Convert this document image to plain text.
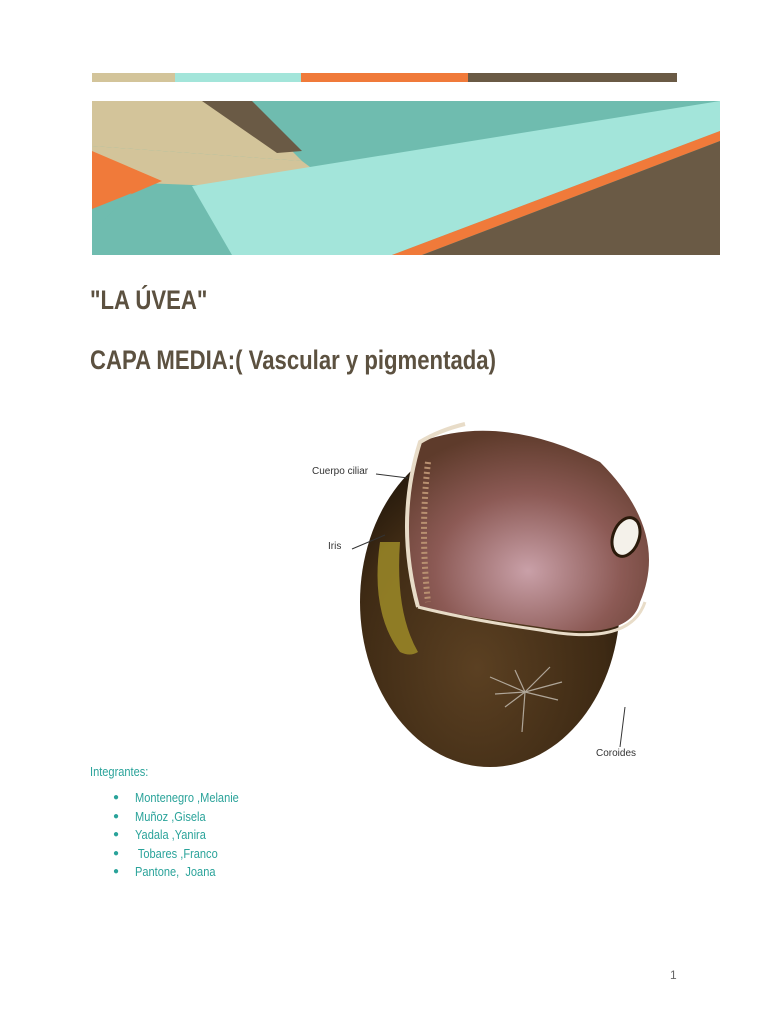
"LA ÚVEA"
CAPA MEDIA:( Vascular y pigmentada)
Cuerpo ciliar
Iris
Coroides
Integrantes:
●	Montenegro ,Melanie
●	Muñoz ,Gisela
●	Yadala ,Yanira
●	Tobares ,Franco
●	Pantone,  Joana
1
